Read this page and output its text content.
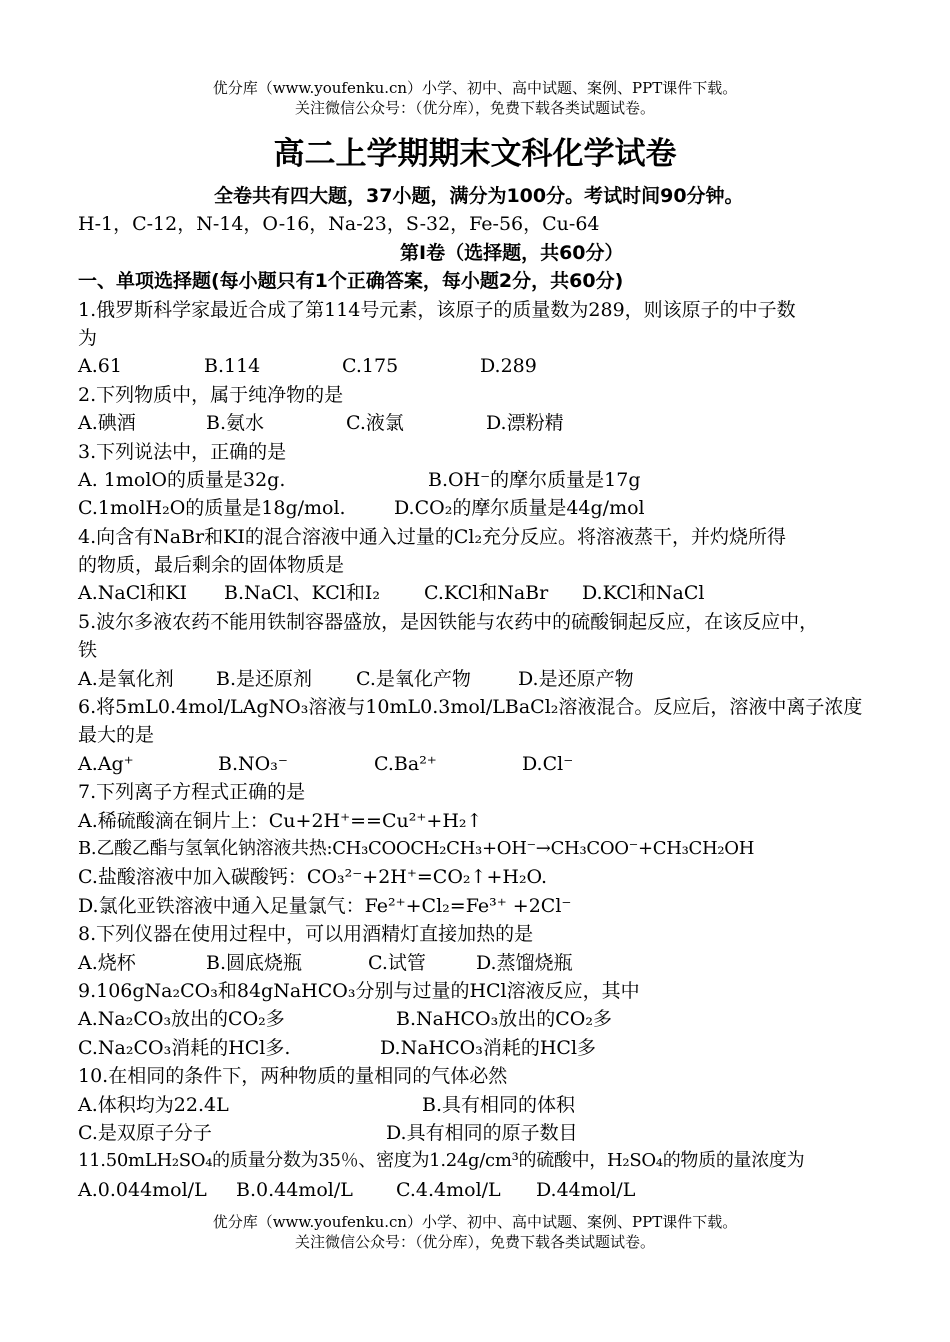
优分库（www.youfenku.cn）小学、初中、高中试题、案例、PPT课件下载。
关注微信公众号：（优分库），免费下载各类试题试卷。
高二上学期期末文科化学试卷
全卷共有四大题，37小题，满分为100分。考试时间90分钟。
H-1，C-12，N-14，O-16，Na-23，S-32，Fe-56，Cu-64
第Ⅰ卷（选择题，共60分）
一、单项选择题(每小题只有1个正确答案，每小题2分，共60分)
1.俄罗斯科学家最近合成了第114号元素，该原子的质量数为289，则该原子的中子数
为
A.61	B.114	C.175	D.289
2.下列物质中，属于纯净物的是
A.碘酒	B.氨水	C.液氯	D.漂粉精
3.下列说法中，正确的是
A. 1molO的质量是32g.	B.OH⁻的摩尔质量是17g
C.1molH₂O的质量是18g/mol.	D.CO₂的摩尔质量是44g/mol
4.向含有NaBr和KI的混合溶液中通入过量的Cl₂充分反应。将溶液蒸干，并灼烧所得
的物质，最后剩余的固体物质是
A.NaCl和KI B.NaCl、KCl和I₂ C.KCl和NaBr D.KCl和NaCl
5.波尔多液农药不能用铁制容器盛放，是因铁能与农药中的硫酸铜起反应，在该反应中，
铁
A.是氧化剂 B.是还原剂 C.是氧化产物 D.是还原产物
6.将5mL0.4mol/LAgNO₃溶液与10mL0.3mol/LBaCl₂溶液混合。反应后，溶液中离子浓度
最大的是
A.Ag⁺	B.NO₃⁻	C.Ba²⁺	D.Cl⁻
7.下列离子方程式正确的是
A.稀硫酸滴在铜片上：Cu+2H⁺==Cu²⁺+H₂↑
B.乙酸乙酯与氢氧化钠溶液共热:CH₃COOCH₂CH₃+OH⁻→CH₃COO⁻+CH₃CH₂OH
C.盐酸溶液中加入碳酸钙：CO₃²⁻+2H⁺=CO₂↑+H₂O.
D.氯化亚铁溶液中通入足量氯气：Fe²⁺+Cl₂=Fe³⁺ +2Cl⁻
8.下列仪器在使用过程中，可以用酒精灯直接加热的是
A.烧杯	B.圆底烧瓶	C.试管	D.蒸馏烧瓶
9.106gNa₂CO₃和84gNaHCO₃分别与过量的HCl溶液反应，其中
A.Na₂CO₃放出的CO₂多	B.NaHCO₃放出的CO₂多
C.Na₂CO₃消耗的HCl多.	D.NaHCO₃消耗的HCl多
10.在相同的条件下，两种物质的量相同的气体必然
A.体积均为22.4L	B.具有相同的体积
C.是双原子分子	D.具有相同的原子数目
11.50mLH₂SO₄的质量分数为35％、密度为1.24g/cm³的硫酸中，H₂SO₄的物质的量浓度为
A.0.044mol/L B.0.44mol/L C.4.4mol/L D.44mol/L
优分库（www.youfenku.cn）小学、初中、高中试题、案例、PPT课件下载。
关注微信公众号：（优分库），免费下载各类试题试卷。
